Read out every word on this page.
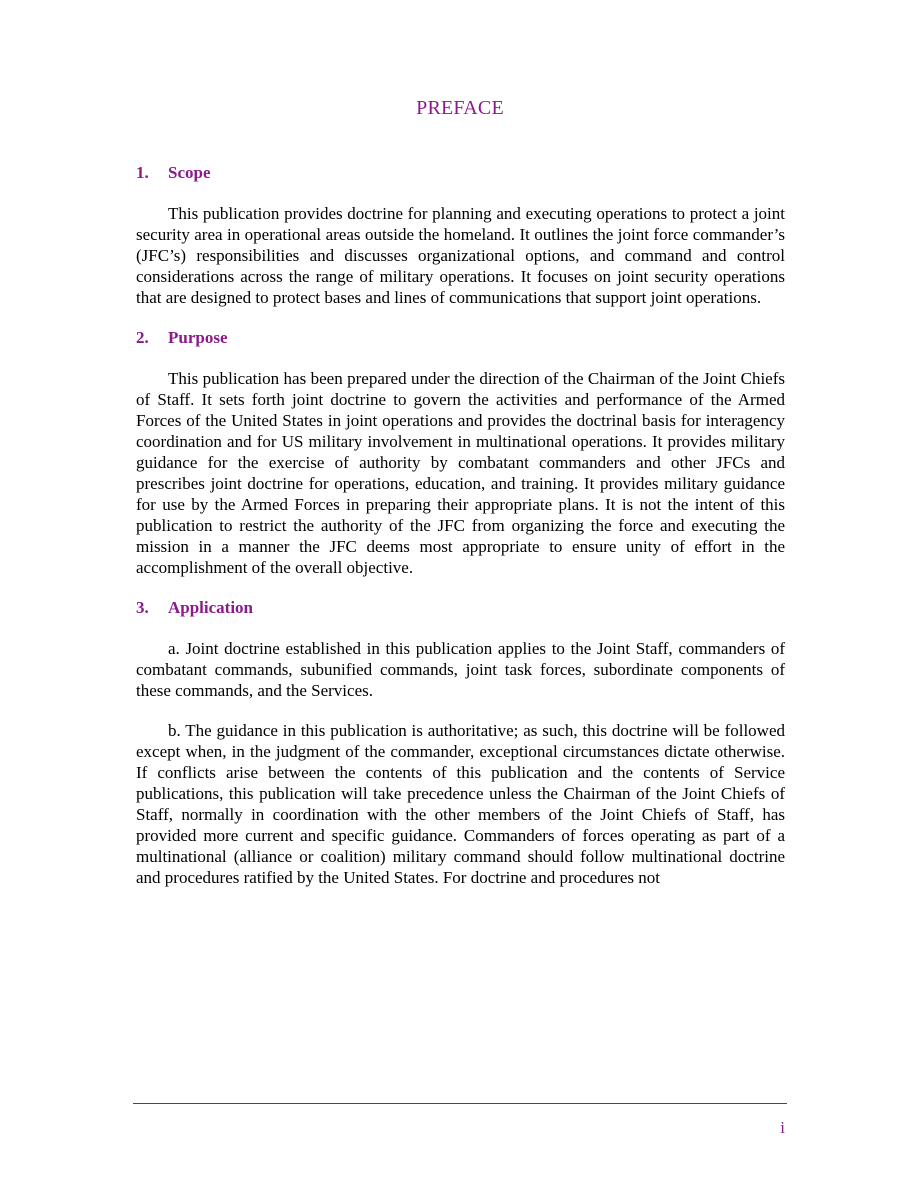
PREFACE
1. Scope

This publication provides doctrine for planning and executing operations to protect a joint security area in operational areas outside the homeland. It outlines the joint force commander’s (JFC’s) responsibilities and discusses organizational options, and command and control considerations across the range of military operations. It focuses on joint security operations that are designed to protect bases and lines of communications that support joint operations.

2. Purpose

This publication has been prepared under the direction of the Chairman of the Joint Chiefs of Staff. It sets forth joint doctrine to govern the activities and performance of the Armed Forces of the United States in joint operations and provides the doctrinal basis for interagency coordination and for US military involvement in multinational operations. It provides military guidance for the exercise of authority by combatant commanders and other JFCs and prescribes joint doctrine for operations, education, and training. It provides military guidance for use by the Armed Forces in preparing their appropriate plans. It is not the intent of this publication to restrict the authority of the JFC from organizing the force and executing the mission in a manner the JFC deems most appropriate to ensure unity of effort in the accomplishment of the overall objective.

3. Application

a. Joint doctrine established in this publication applies to the Joint Staff, commanders of combatant commands, subunified commands, joint task forces, subordinate components of these commands, and the Services.

b. The guidance in this publication is authoritative; as such, this doctrine will be followed except when, in the judgment of the commander, exceptional circumstances dictate otherwise. If conflicts arise between the contents of this publication and the contents of Service publications, this publication will take precedence unless the Chairman of the Joint Chiefs of Staff, normally in coordination with the other members of the Joint Chiefs of Staff, has provided more current and specific guidance. Commanders of forces operating as part of a multinational (alliance or coalition) military command should follow multinational doctrine and procedures ratified by the United States. For doctrine and procedures not

i
